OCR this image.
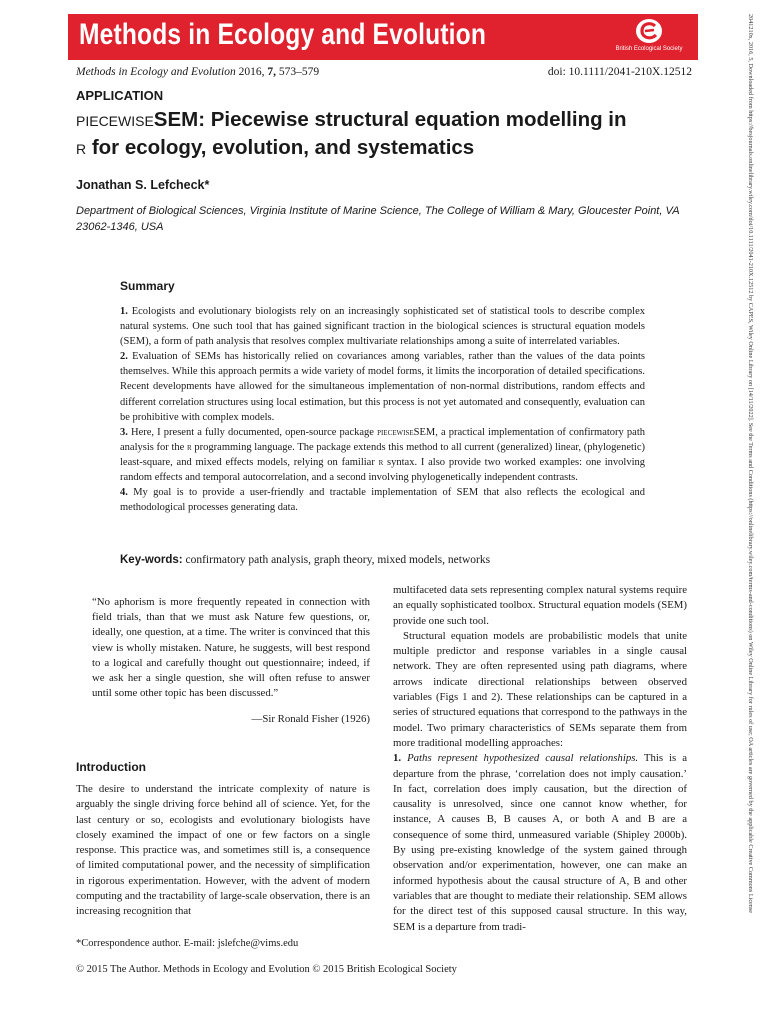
Methods in Ecology and Evolution	British Ecological Society
Methods in Ecology and Evolution 2016, 7, 573–579	doi: 10.1111/2041-210X.12512
APPLICATION
piecewiseSEM: Piecewise structural equation modelling in
r for ecology, evolution, and systematics
Jonathan S. Lefcheck*
Department of Biological Sciences, Virginia Institute of Marine Science, The College of William & Mary, Gloucester Point, VA 23062-1346, USA
Summary

1. Ecologists and evolutionary biologists rely on an increasingly sophisticated set of statistical tools to describe complex natural systems. One such tool that has gained significant traction in the biological sciences is structural equation models (SEM), a form of path analysis that resolves complex multivariate relationships among a suite of interrelated variables.

2. Evaluation of SEMs has historically relied on covariances among variables, rather than the values of the data points themselves. While this approach permits a wide variety of model forms, it limits the incorporation of detailed specifications. Recent developments have allowed for the simultaneous implementation of non-normal distributions, random effects and different correlation structures using local estimation, but this process is not yet automated and consequently, evaluation can be prohibitive with complex models.

3. Here, I present a fully documented, open-source package piecewiseSEM, a practical implementation of confirmatory path analysis for the r programming language. The package extends this method to all current (generalized) linear, (phylogenetic) least-square, and mixed effects models, relying on familiar r syntax. I also provide two worked examples: one involving random effects and temporal autocorrelation, and a second involving phylogenetically independent contrasts.

4. My goal is to provide a user-friendly and tractable implementation of SEM that also reflects the ecological and methodological processes generating data.

Key-words: confirmatory path analysis, graph theory, mixed models, networks

“No aphorism is more frequently repeated in connection with field trials, than that we must ask Nature few questions, or, ideally, one question, at a time. The writer is convinced that this view is wholly mistaken. Nature, he suggests, will best respond to a logical and carefully thought out questionnaire; indeed, if we ask her a single question, she will often refuse to answer until some other topic has been discussed.”

—Sir Ronald Fisher (1926)
Introduction

The desire to understand the intricate complexity of nature is arguably the single driving force behind all of science. Yet, for the last century or so, ecologists and evolutionary biologists have closely examined the impact of one or few factors on a single response. This practice was, and sometimes still is, a consequence of limited computational power, and the necessity of simplification in rigorous experimentation. However, with the advent of modern computing and the tractability of large-scale observation, there is an increasing recognition that

*Correspondence author. E-mail: jslefche@vims.edu

multifaceted data sets representing complex natural systems require an equally sophisticated toolbox. Structural equation models (SEM) provide one such tool.

Structural equation models are probabilistic models that unite multiple predictor and response variables in a single causal network. They are often represented using path diagrams, where arrows indicate directional relationships between observed variables (Figs 1 and 2). These relationships can be captured in a series of structured equations that correspond to the pathways in the model. Two primary characteristics of SEMs separate them from more traditional modelling approaches:

1. Paths represent hypothesized causal relationships. This is a departure from the phrase, ‘correlation does not imply causation.’ In fact, correlation does imply causation, but the direction of causality is unresolved, since one cannot know whether, for instance, A causes B, B causes A, or both A and B are a consequence of some third, unmeasured variable (Shipley 2000b). By using pre-existing knowledge of the system gained through observation and/or experimentation, however, one can make an informed hypothesis about the causal structure of A, B and other variables that are thought to mediate their relationship. SEM allows for the direct test of this supposed causal structure. In this way, SEM is a departure from tradi-

© 2015 The Author. Methods in Ecology and Evolution © 2015 British Ecological Society
2041210x, 2016, 5, Downloaded from https://besjournals.onlinelibrary.wiley.com/doi/10.1111/2041-210X.12512 by CAPES, Wiley Online Library on [14/11/2022]. See the Terms and Conditions (https://onlinelibrary.wiley.com/terms-and-conditions) on Wiley Online Library for rules of use; OA articles are governed by the applicable Creative Commons License
